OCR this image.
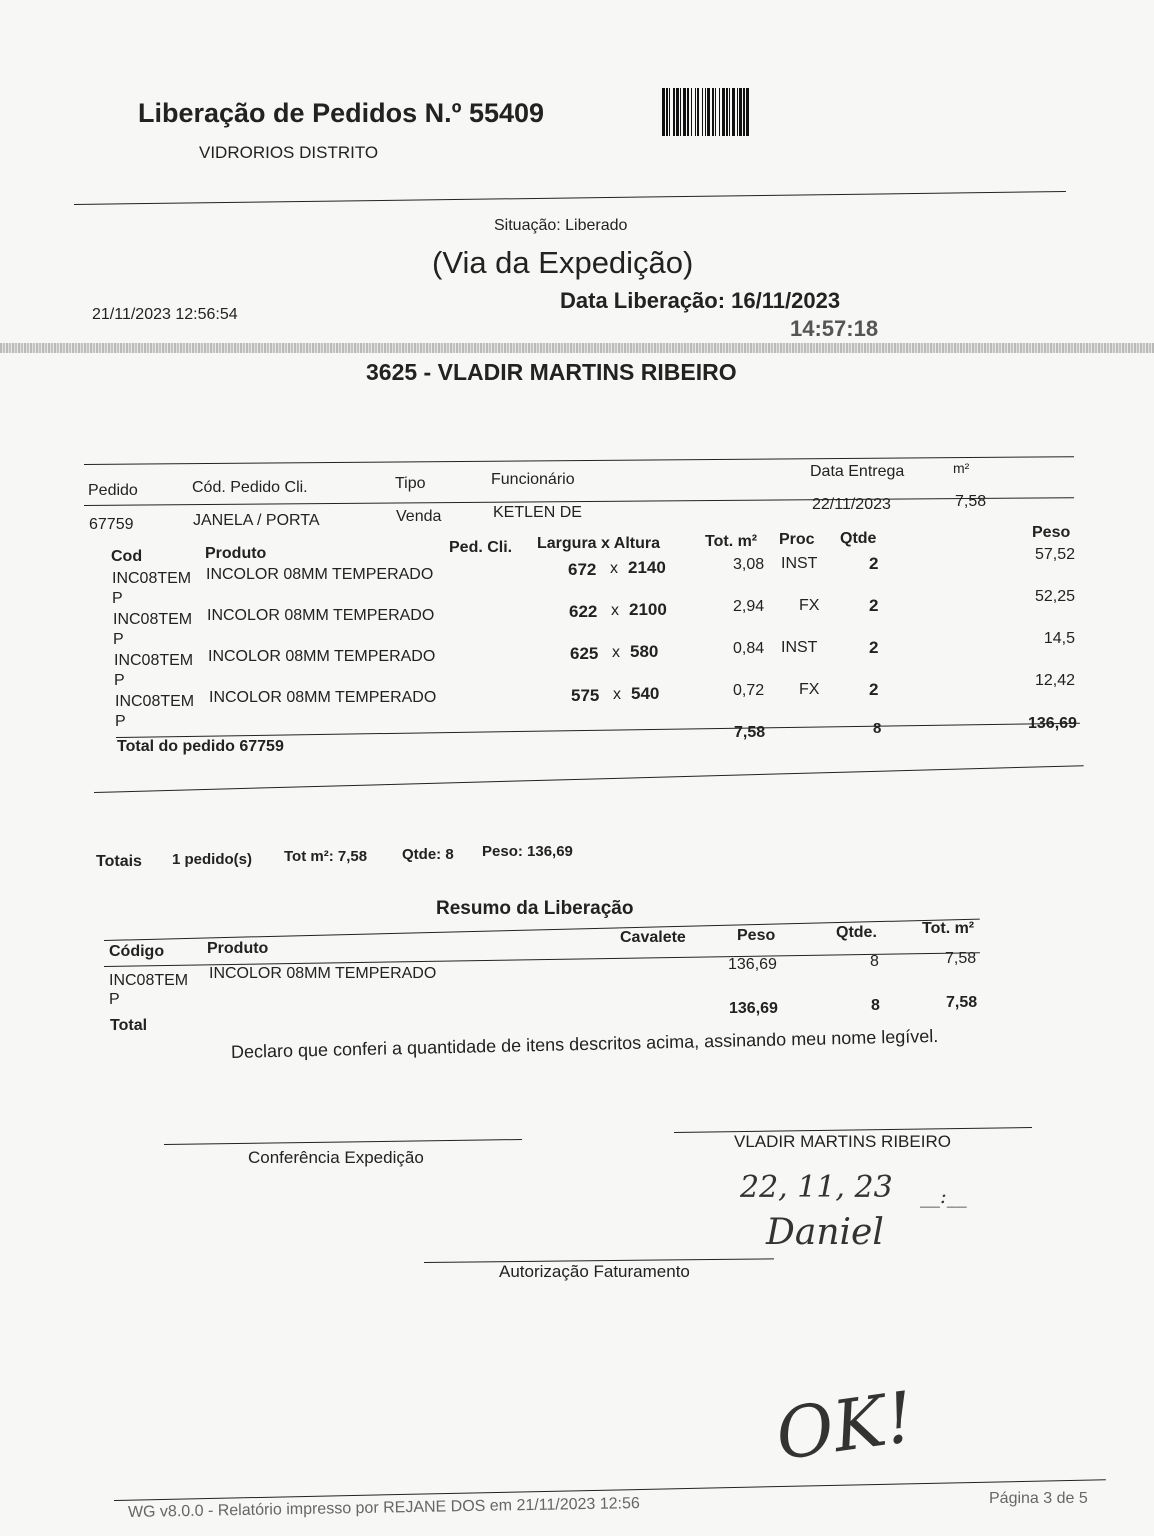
Liberação de Pedidos N.º 55409
VIDRORIOS DISTRITO
Situação: Liberado
(Via da Expedição)
21/11/2023 12:56:54
Data Liberação: 16/11/2023
14:57:18
3625 - VLADIR MARTINS RIBEIRO
Pedido	Cód. Pedido Cli.	Tipo	Funcionário	Data Entrega	m²
67759	JANELA / PORTA	Venda	KETLEN DE	22/11/2023	7,58
Cod	Produto	Ped. Cli. Largura x Altura	Tot. m² Proc Qtde	Peso
INC08TEM
P
INCOLOR 08MM TEMPERADO	672 x 2140	3,08 INST	2	57,52
INC08TEM
P
INCOLOR 08MM TEMPERADO	622 x 2100	2,94 FX	2	52,25
INC08TEM
P
INCOLOR 08MM TEMPERADO	625 x 580	0,84 INST	2	14,5
INC08TEM
P
INCOLOR 08MM TEMPERADO	575 x 540	0,72 FX	2	12,42
Total do pedido 67759
7,58	8	136,69
Totais 1 pedido(s) Tot m²: 7,58 Qtde: 8 Peso: 136,69
Resumo da Liberação
Código	Produto
Cavalete	Peso	Qtde.	Tot. m²
INC08TEM
P
INCOLOR 08MM TEMPERADO
136,69	8	7,58
Total
136,69	8	7,58
Declaro que conferi a quantidade de itens descritos acima, assinando meu nome legível.
Conferência Expedição
VLADIR MARTINS RIBEIRO
22, 11, 23 __:__
Daniel
Autorização Faturamento
OK!
WG v8.0.0 - Relatório impresso por REJANE DOS em 21/11/2023 12:56	Página 3 de 5
